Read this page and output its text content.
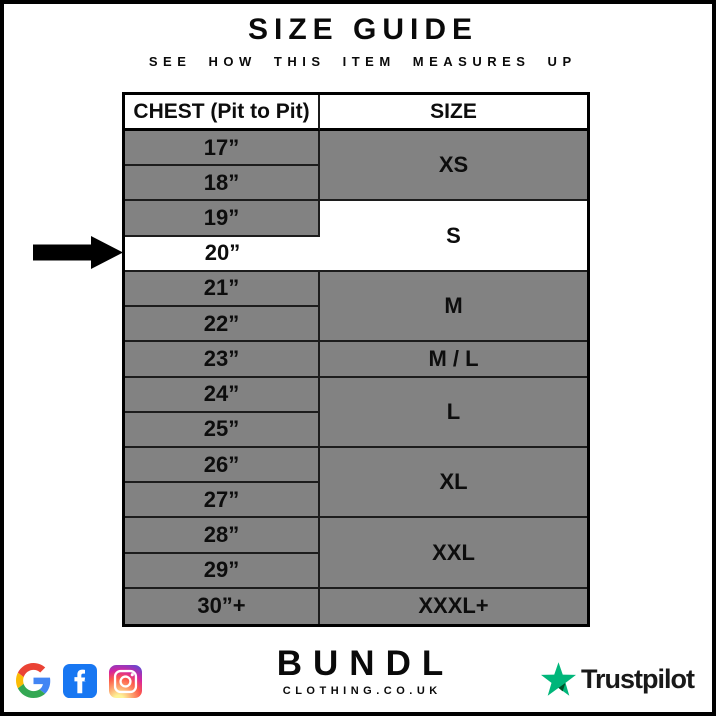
SIZE GUIDE
SEE HOW THIS ITEM MEASURES UP
CHEST (Pit to Pit)	SIZE
17”
18”
19”
20”
21”
22”
23”
24”
25”
26”
27”
28”
29”
30”+
XS
S
M
M / L
L
XL
XXL
XXXL+
BUNDL
CLOTHING.CO.UK	Trustpilot
